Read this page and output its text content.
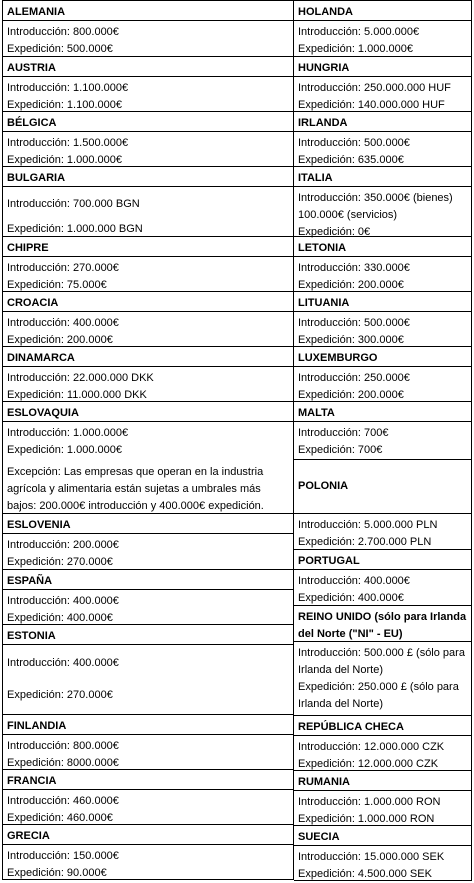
ALEMANIA
Introducción: 800.000€
Expedición: 500.000€
AUSTRIA
Introducción: 1.100.000€
Expedición: 1.100.000€
BÉLGICA
Introducción: 1.500.000€
Expedición: 1.000.000€
BULGARIA
Introducción: 700.000 BGN
Expedición: 1.000.000 BGN
CHIPRE
Introducción: 270.000€
Expedición: 75.000€
CROACIA
Introducción: 400.000€
Expedición: 200.000€
DINAMARCA
Introducción: 22.000.000 DKK
Expedición: 11.000.000 DKK
ESLOVAQUIA
Introducción: 1.000.000€
Expedición: 1.000.000€
Excepción: Las empresas que operan en la industria agrícola y alimentaria están sujetas a umbrales más bajos: 200.000€ introducción y 400.000€ expedición.
ESLOVENIA
Introducción: 200.000€
Expedición: 270.000€
ESPAÑA
Introducción: 400.000€
Expedición: 400.000€
ESTONIA
Introducción: 400.000€
Expedición: 270.000€
FINLANDIA
Introducción: 800.000€
Expedición: 8000.000€
FRANCIA
Introducción: 460.000€
Expedición: 460.000€
GRECIA
Introducción: 150.000€
Expedición: 90.000€
HOLANDA
Introducción: 5.000.000€
Expedición: 1.000.000€
HUNGRIA
Introducción: 250.000.000 HUF
Expedición: 140.000.000 HUF
IRLANDA
Introducción: 500.000€
Expedición: 635.000€
ITALIA
Introducción: 350.000€ (bienes) 100.000€ (servicios)
Expedición: 0€
LETONIA
Introducción: 330.000€
Expedición: 200.000€
LITUANIA
Introducción: 500.000€
Expedición: 300.000€
LUXEMBURGO
Introducción: 250.000€
Expedición: 200.000€
MALTA
Introducción: 700€
Expedición: 700€
POLONIA
Introducción: 5.000.000 PLN
Expedición: 2.700.000 PLN
PORTUGAL
Introducción: 400.000€
Expedición: 400.000€
REINO UNIDO (sólo para Irlanda del Norte ("NI" - EU)
Introducción: 500.000 £ (sólo para Irlanda del Norte)
Expedición: 250.000 £ (sólo para Irlanda del Norte)
REPÚBLICA CHECA
Introducción: 12.000.000 CZK
Expedición: 12.000.000 CZK
RUMANIA
Introducción: 1.000.000 RON
Expedición: 1.000.000 RON
SUECIA
Introducción: 15.000.000 SEK
Expedición: 4.500.000 SEK
